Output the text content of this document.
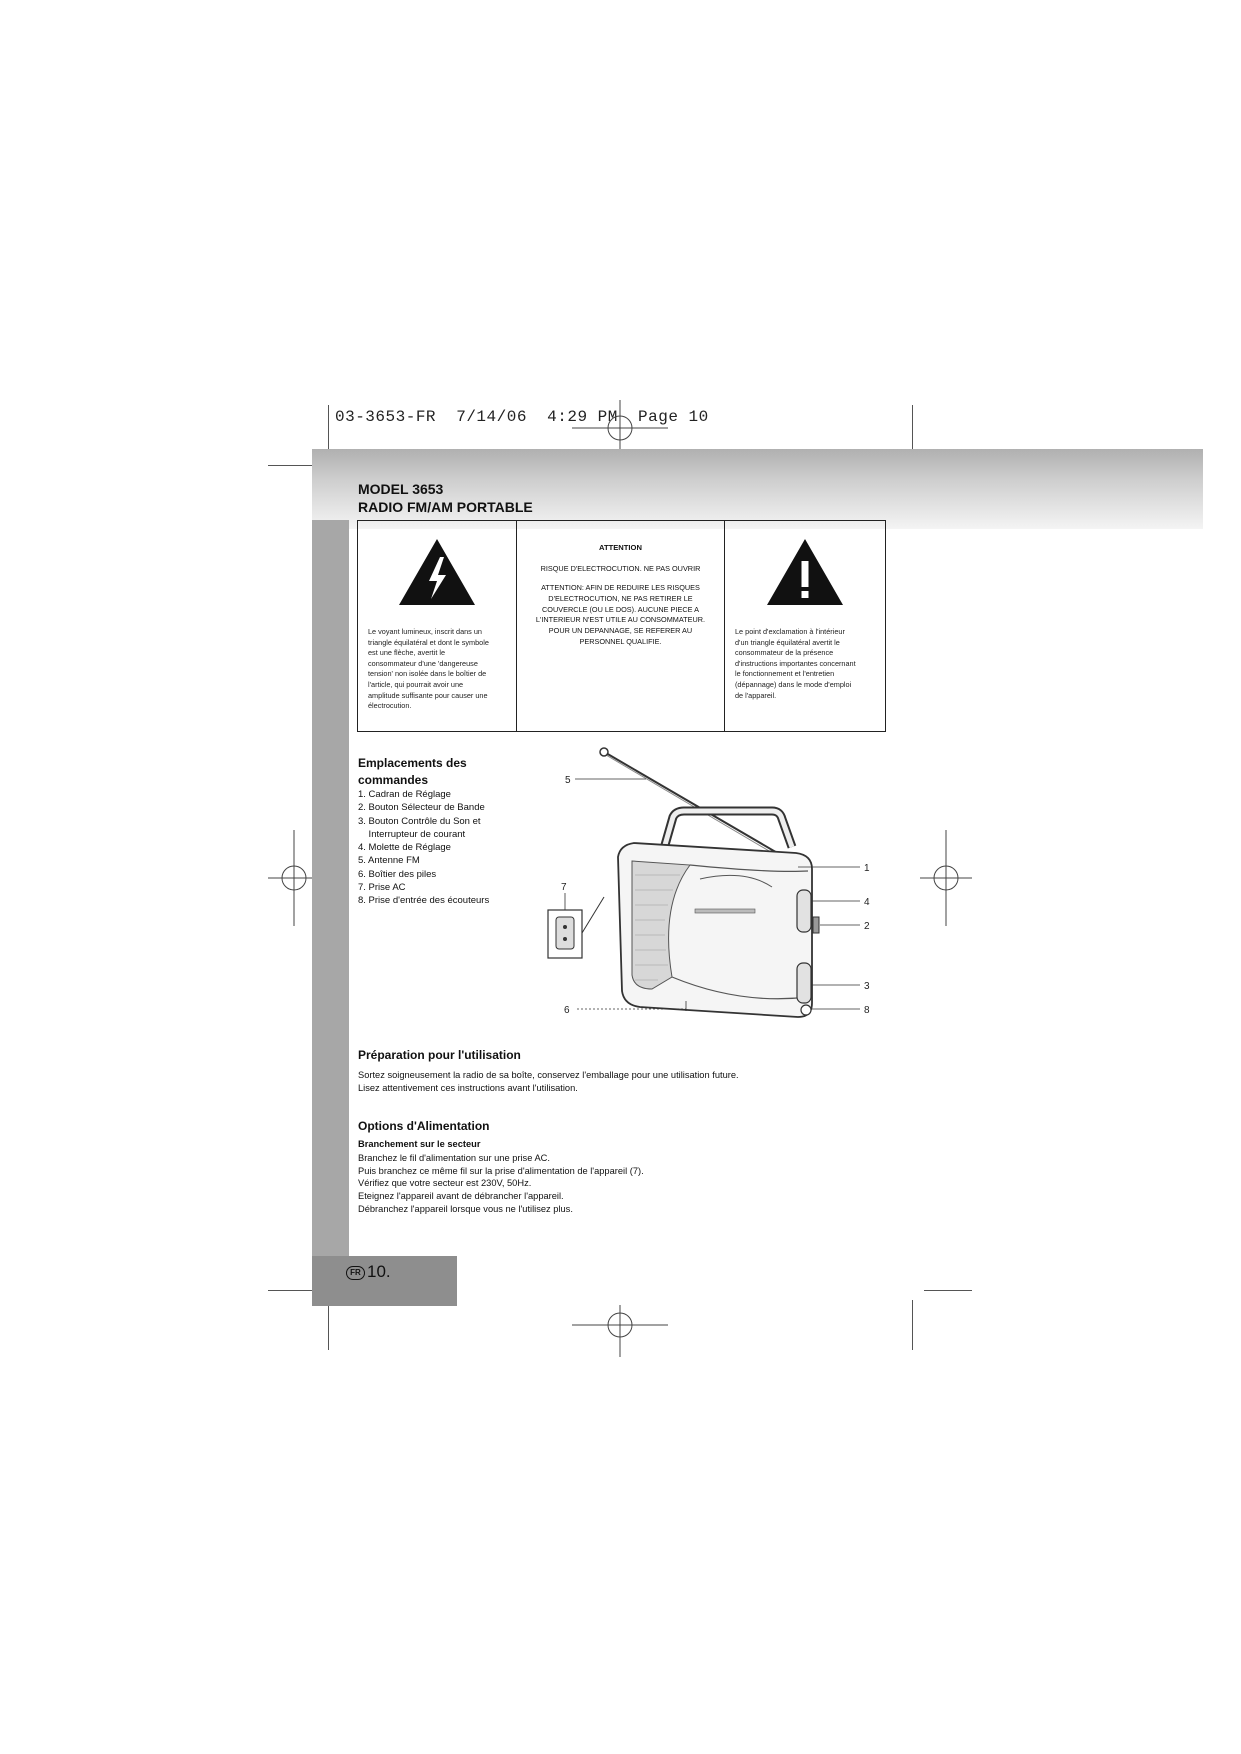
03-3653-FR  7/14/06  4:29 PM  Page 10
FR 10.
MODEL 3653
RADIO FM/AM PORTABLE
Le voyant lumineux, inscrit dans un
triangle équilatéral et dont le symbole
est une flèche, avertit le
consommateur d'une 'dangereuse
tension' non isolée dans le boîtier de
l'article, qui pourrait avoir une
amplitude suffisante pour causer une
électrocution.
ATTENTION
RISQUE D'ELECTROCUTION. NE PAS OUVRIR
ATTENTION: AFIN DE REDUIRE LES RISQUES
D'ELECTROCUTION, NE PAS RETIRER LE
COUVERCLE (OU LE DOS). AUCUNE PIECE A
L'INTERIEUR N'EST UTILE AU CONSOMMATEUR.
POUR UN DEPANNAGE, SE REFERER AU
PERSONNEL QUALIFIE.
Le point d'exclamation à l'intérieur
d'un triangle équilatéral avertit le
consommateur de la présence
d'instructions importantes concernant
le fonctionnement et l'entretien
(dépannage) dans le mode d'emploi
de l'appareil.
Emplacements des
commandes
1. Cadran de Réglage
2. Bouton Sélecteur de Bande
3. Bouton Contrôle du Son et
Interrupteur de courant
4. Molette de Réglage
5. Antenne FM
6. Boîtier des piles
7. Prise AC
8. Prise d'entrée des écouteurs
5
1
4
2
3
8
6
7
Préparation pour l'utilisation
Sortez soigneusement la radio de sa boîte, conservez l'emballage pour une utilisation future.
Lisez attentivement ces instructions avant l'utilisation.
Options d'Alimentation
Branchement sur le secteur
Branchez le fil d'alimentation sur une prise AC.
Puis branchez ce même fil sur la prise d'alimentation de l'appareil (7).
Vérifiez que votre secteur est 230V, 50Hz.
Eteignez l'appareil avant de débrancher l'appareil.
Débranchez l'appareil lorsque vous ne l'utilisez plus.
